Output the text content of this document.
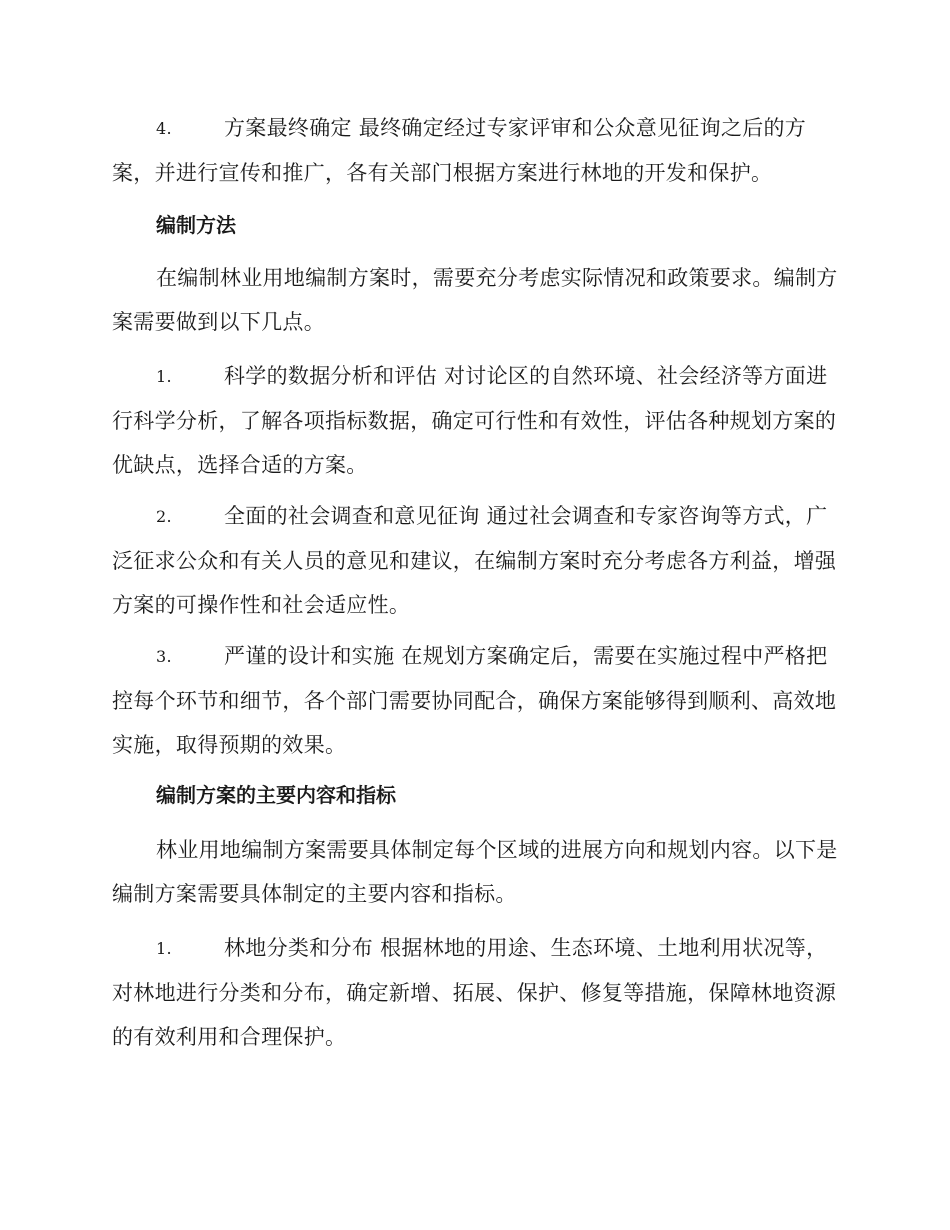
4. 方案最终确定 最终确定经过专家评审和公众意见征询之后的方案，并进行宣传和推广，各有关部门根据方案进行林地的开发和保护。
编制方法
在编制林业用地编制方案时，需要充分考虑实际情况和政策要求。编制方案需要做到以下几点。
1. 科学的数据分析和评估 对讨论区的自然环境、社会经济等方面进行科学分析，了解各项指标数据，确定可行性和有效性，评估各种规划方案的优缺点，选择合适的方案。
2. 全面的社会调查和意见征询 通过社会调查和专家咨询等方式，广泛征求公众和有关人员的意见和建议，在编制方案时充分考虑各方利益，增强方案的可操作性和社会适应性。
3. 严谨的设计和实施 在规划方案确定后，需要在实施过程中严格把控每个环节和细节，各个部门需要协同配合，确保方案能够得到顺利、高效地实施，取得预期的效果。
编制方案的主要内容和指标
林业用地编制方案需要具体制定每个区域的进展方向和规划内容。以下是编制方案需要具体制定的主要内容和指标。
1. 林地分类和分布 根据林地的用途、生态环境、土地利用状况等，对林地进行分类和分布，确定新增、拓展、保护、修复等措施，保障林地资源的有效利用和合理保护。
